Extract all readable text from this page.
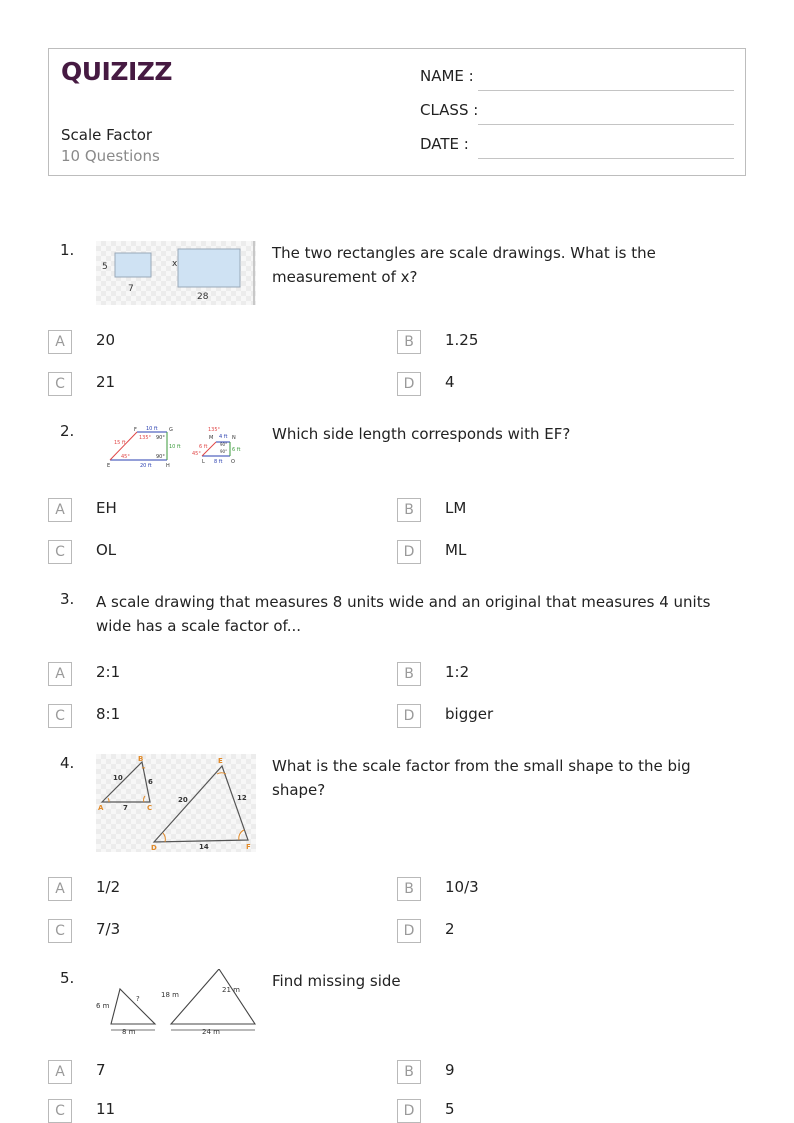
QUIZIZZ
Scale Factor
10 Questions
NAME :
CLASS :
DATE :
1.
5
7
x
28
The two rectangles are scale drawings. What is the measurement of x?
A	20	B	1.25
C	21	D	4
2.	10 ft
15 ft
135° 90°
10 ft
45°	90°
20 ft
E
F	G
H
135°
M 4 ft N
6 ft	90°
90° 6 ft
45°
L 8 ft O
Which side length corresponds with EF?
A	EH	B	LM
C	OL	D	ML
3. A scale drawing that measures 8 units wide and an original that measures 4 units wide has a scale factor of...
A	2:1	B	1:2
C	8:1	D	bigger
4.	B
10	6
A	7	C
E
20	12
D	14	F
What is the scale factor from the small shape to the big shape?
A	1/2	B	10/3
C	7/3	D	2
5.
6 m
?
8 m
18 m
21 m
24 m
Find missing side
A	7	B	9
C	11	D	5
